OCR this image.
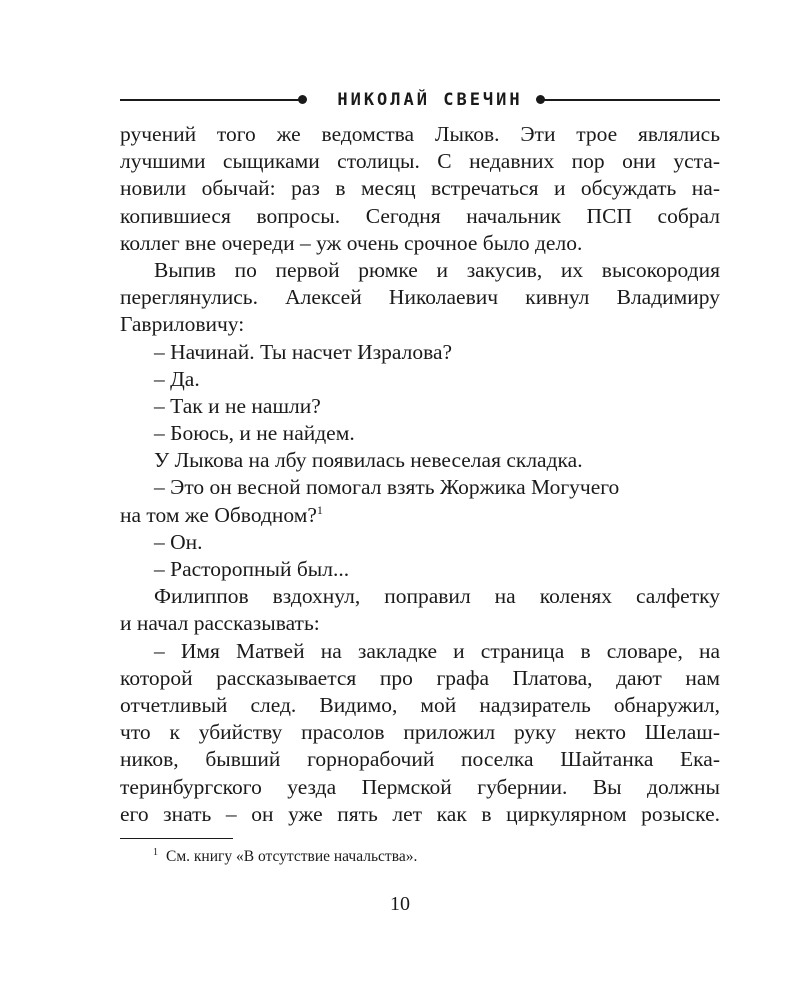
НИКОЛАЙ СВЕЧИН
ручений того же ведомства Лыков. Эти трое являлись
лучшими сыщиками столицы. С недавних пор они уста-
новили обычай: раз в месяц встречаться и обсуждать на-
копившиеся вопросы. Сегодня начальник ПСП собрал
коллег вне очереди – уж очень срочное было дело.
Выпив по первой рюмке и закусив, их высокородия
переглянулись. Алексей Николаевич кивнул Владимиру
Гавриловичу:
– Начинай. Ты насчет Изралова?
– Да.
– Так и не нашли?
– Боюсь, и не найдем.
У Лыкова на лбу появилась невеселая складка.
– Это он весной помогал взять Жоржика Могучего
на том же Обводном?$^1$
– Он.
– Расторопный был...
Филиппов вздохнул, поправил на коленях салфетку
и начал рассказывать:
– Имя Матвей на закладке и страница в словаре, на
которой рассказывается про графа Платова, дают нам
отчетливый след. Видимо, мой надзиратель обнаружил,
что к убийству прасолов приложил руку некто Шелаш-
ников, бывший горнорабочий поселка Шайтанка Ека-
теринбургского уезда Пермской губернии. Вы должны
его знать – он уже пять лет как в циркулярном розыске.
$^1$ См. книгу «В отсутствие начальства».
10
